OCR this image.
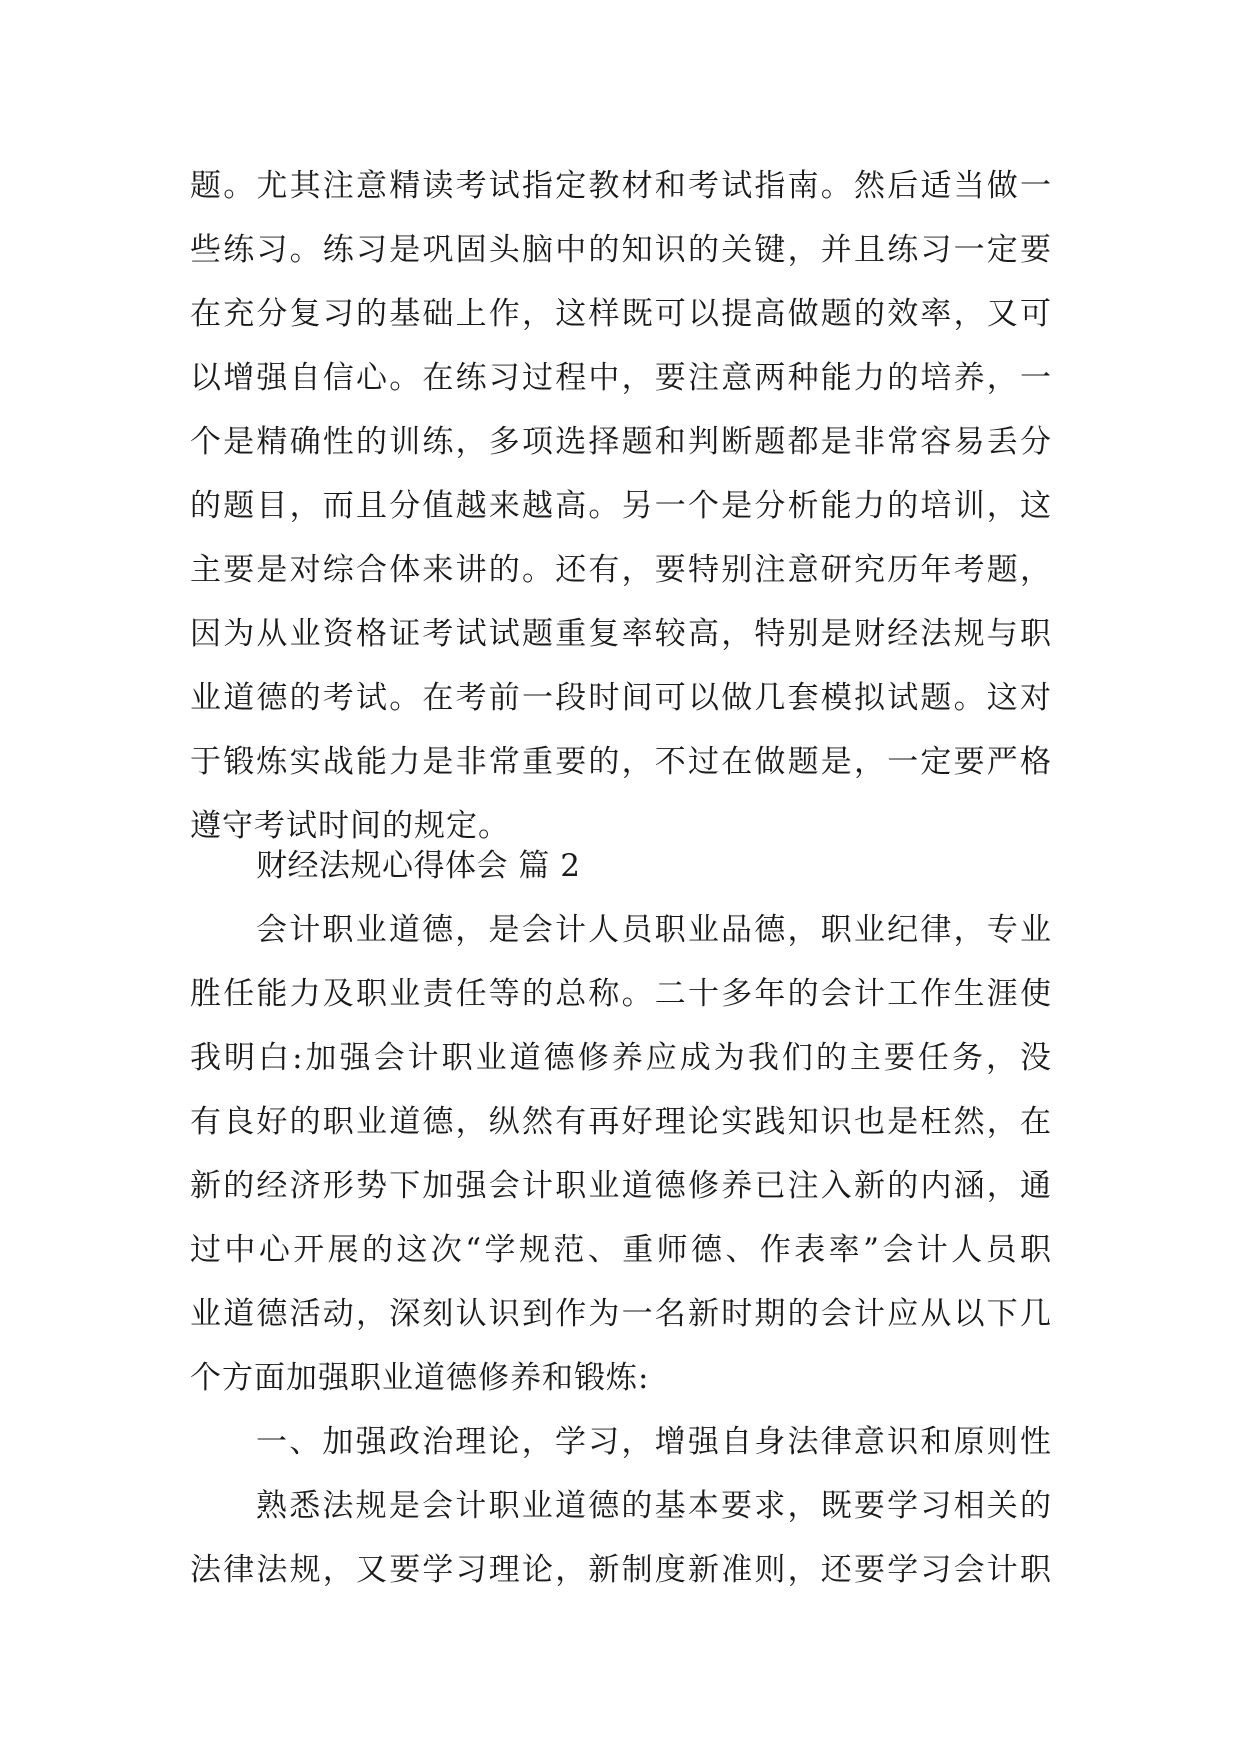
题。尤其注意精读考试指定教材和考试指南。然后适当做一
些练习。练习是巩固头脑中的知识的关键，并且练习一定要
在充分复习的基础上作，这样既可以提高做题的效率，又可
以增强自信心。在练习过程中，要注意两种能力的培养，一
个是精确性的训练，多项选择题和判断题都是非常容易丢分
的题目，而且分值越来越高。另一个是分析能力的培训，这
主要是对综合体来讲的。还有，要特别注意研究历年考题，
因为从业资格证考试试题重复率较高，特别是财经法规与职
业道德的考试。在考前一段时间可以做几套模拟试题。这对
于锻炼实战能力是非常重要的，不过在做题是，一定要严格
遵守考试时间的规定。
财经法规心得体会 篇 2
会计职业道德，是会计人员职业品德，职业纪律，专业
胜任能力及职业责任等的总称。二十多年的会计工作生涯使
我明白:加强会计职业道德修养应成为我们的主要任务，没
有良好的职业道德，纵然有再好理论实践知识也是枉然，在
新的经济形势下加强会计职业道德修养已注入新的内涵，通
过中心开展的这次“学规范、重师德、作表率”会计人员职
业道德活动，深刻认识到作为一名新时期的会计应从以下几
个方面加强职业道德修养和锻炼:
一、加强政治理论，学习，增强自身法律意识和原则性
熟悉法规是会计职业道德的基本要求，既要学习相关的
法律法规，又要学习理论，新制度新准则，还要学习会计职
